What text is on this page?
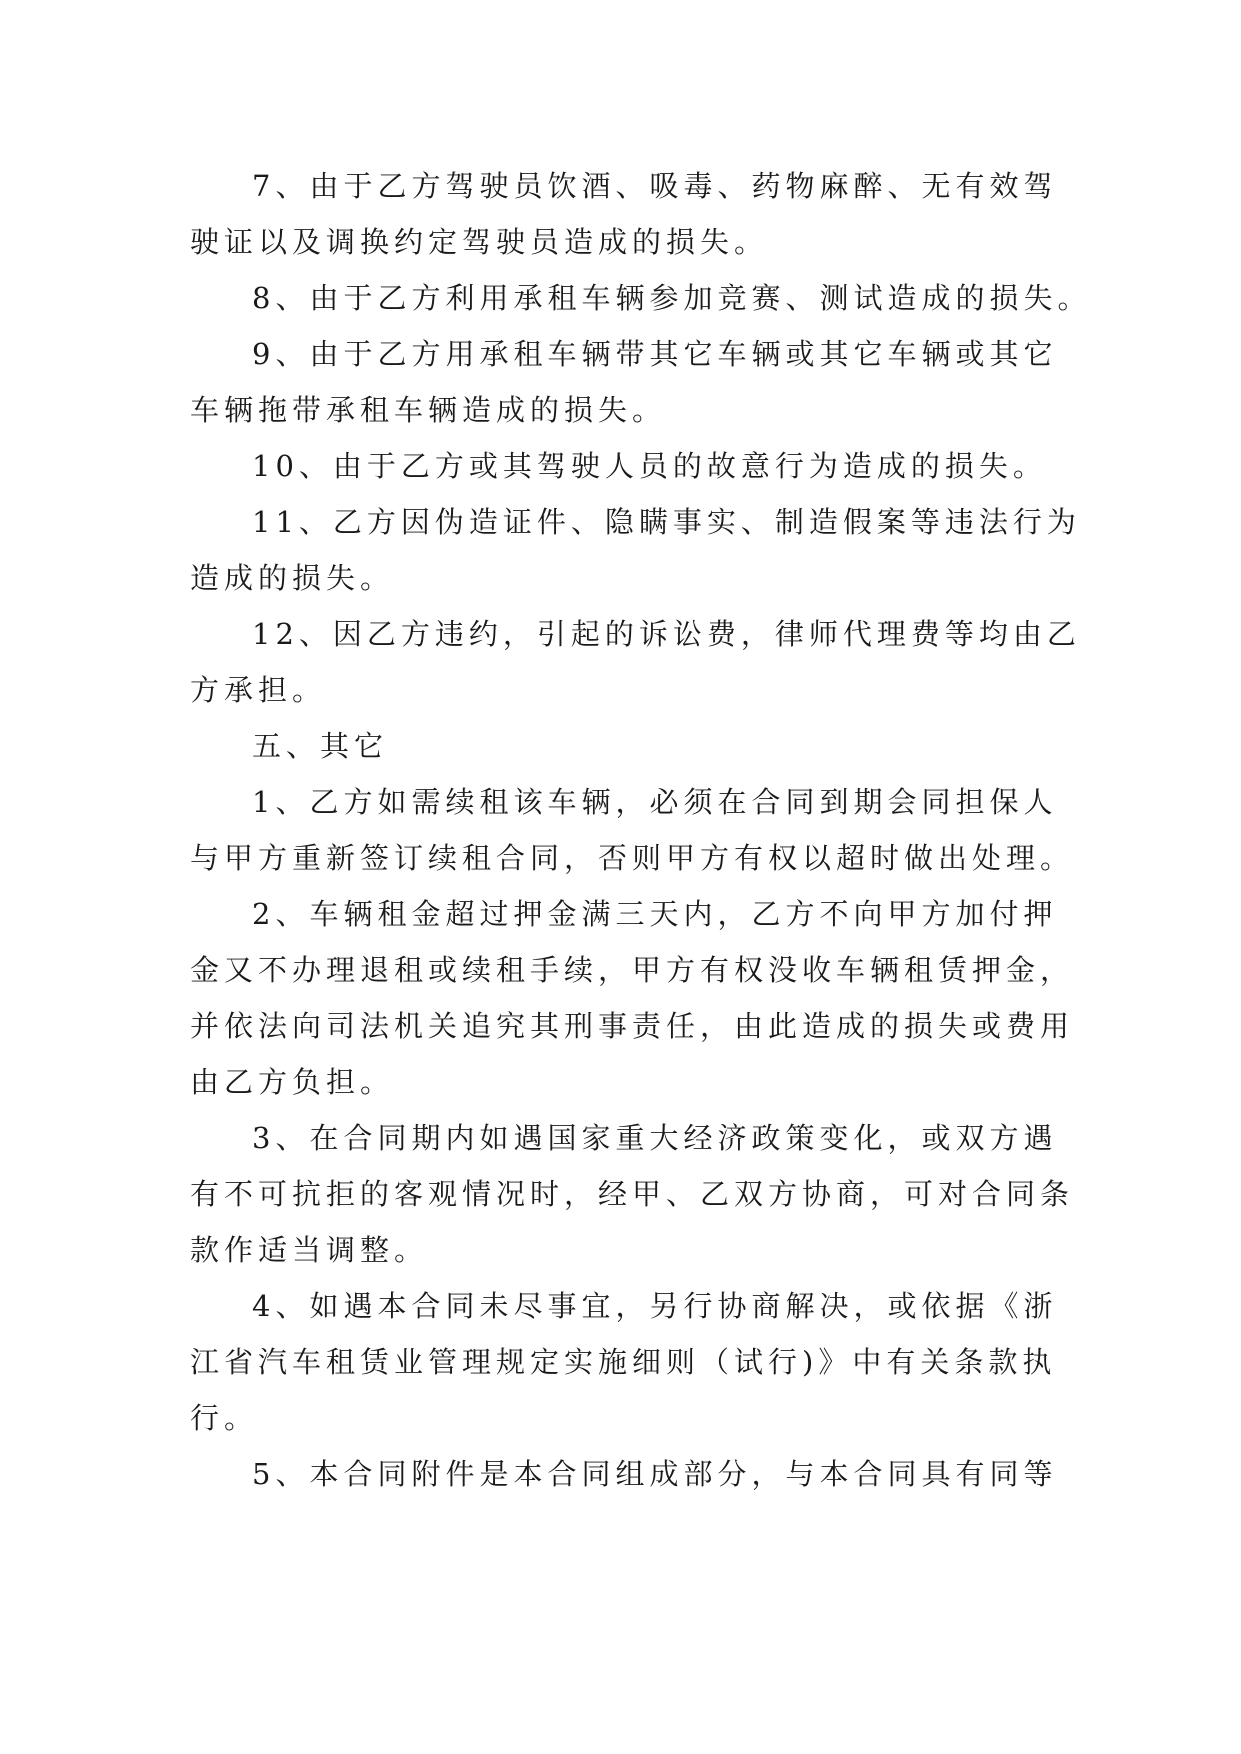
7、由于乙方驾驶员饮酒、吸毒、药物麻醉、无有效驾
驶证以及调换约定驾驶员造成的损失。
8、由于乙方利用承租车辆参加竞赛、测试造成的损失。
9、由于乙方用承租车辆带其它车辆或其它车辆或其它
车辆拖带承租车辆造成的损失。
10、由于乙方或其驾驶人员的故意行为造成的损失。
11、乙方因伪造证件、隐瞒事实、制造假案等违法行为
造成的损失。
12、因乙方违约，引起的诉讼费，律师代理费等均由乙
方承担。
五、其它
1、乙方如需续租该车辆，必须在合同到期会同担保人
与甲方重新签订续租合同，否则甲方有权以超时做出处理。
2、车辆租金超过押金满三天内，乙方不向甲方加付押
金又不办理退租或续租手续，甲方有权没收车辆租赁押金，
并依法向司法机关追究其刑事责任，由此造成的损失或费用
由乙方负担。
3、在合同期内如遇国家重大经济政策变化，或双方遇
有不可抗拒的客观情况时，经甲、乙双方协商，可对合同条
款作适当调整。
4、如遇本合同未尽事宜，另行协商解决，或依据《浙
江省汽车租赁业管理规定实施细则（试行)》中有关条款执
行。
5、本合同附件是本合同组成部分，与本合同具有同等
